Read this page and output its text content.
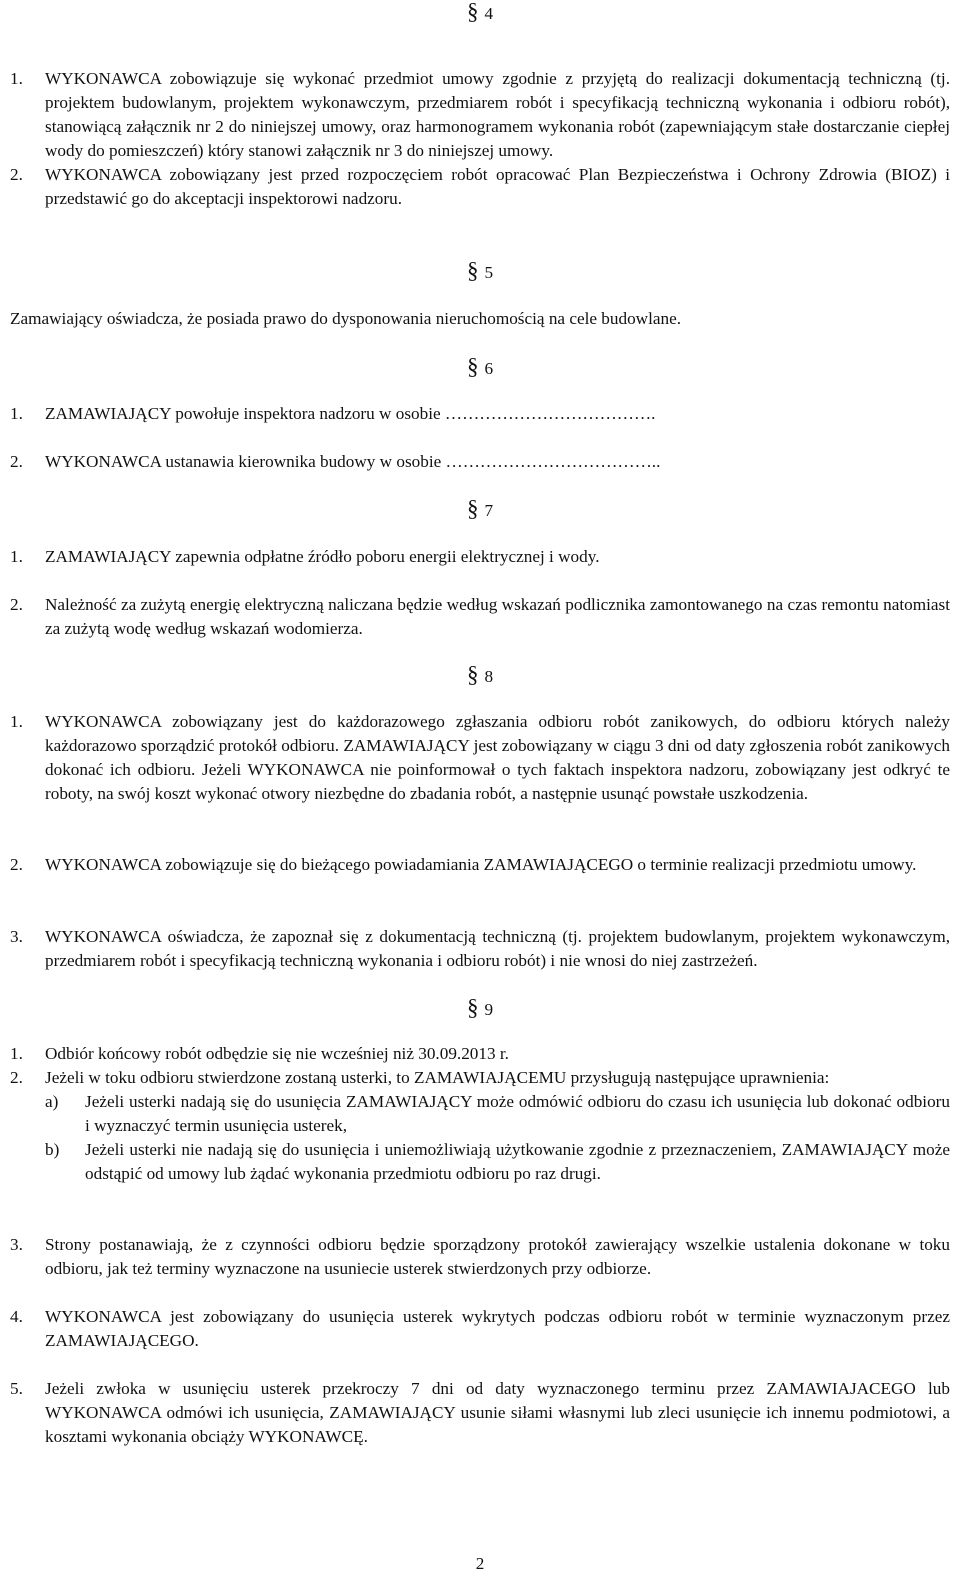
§ 4
1. WYKONAWCA zobowiązuje się wykonać przedmiot umowy zgodnie z przyjętą do realizacji dokumentacją techniczną (tj. projektem budowlanym, projektem wykonawczym, przedmiarem robót i specyfikacją techniczną wykonania i odbioru robót), stanowiącą załącznik nr 2 do niniejszej umowy, oraz harmonogramem wykonania robót (zapewniającym stałe dostarczanie ciepłej wody do pomieszczeń) który stanowi załącznik nr 3 do niniejszej umowy.
2. WYKONAWCA zobowiązany jest przed rozpoczęciem robót opracować Plan Bezpieczeństwa i Ochrony Zdrowia (BIOZ) i przedstawić go do akceptacji inspektorowi nadzoru.
§ 5
Zamawiający oświadcza, że posiada prawo do dysponowania nieruchomością na cele budowlane.
§ 6
1. ZAMAWIAJĄCY powołuje inspektora nadzoru w osobie ……………………………….
2. WYKONAWCA ustanawia kierownika budowy w osobie ………………………………..
§ 7
1. ZAMAWIAJĄCY zapewnia odpłatne źródło poboru energii elektrycznej i wody.
2. Należność za zużytą energię elektryczną naliczana będzie według wskazań podlicznika zamontowanego na czas remontu natomiast za zużytą wodę według wskazań wodomierza.
§ 8
1. WYKONAWCA zobowiązany jest do każdorazowego zgłaszania odbioru robót zanikowych, do odbioru których należy każdorazowo sporządzić protokół odbioru. ZAMAWIAJĄCY jest zobowiązany w ciągu 3 dni od daty zgłoszenia robót zanikowych dokonać ich odbioru. Jeżeli WYKONAWCA nie poinformował o tych faktach inspektora nadzoru, zobowiązany jest odkryć te roboty, na swój koszt wykonać otwory niezbędne do zbadania robót, a następnie usunąć powstałe uszkodzenia.
2. WYKONAWCA zobowiązuje się do bieżącego powiadamiania ZAMAWIAJĄCEGO o terminie realizacji przedmiotu umowy.
3. WYKONAWCA oświadcza, że zapoznał się z dokumentacją techniczną (tj. projektem budowlanym, projektem wykonawczym, przedmiarem robót i specyfikacją techniczną wykonania i odbioru robót) i nie wnosi do niej zastrzeżeń.
§ 9
1. Odbiór końcowy robót odbędzie się nie wcześniej niż 30.09.2013 r.
2. Jeżeli w toku odbioru stwierdzone zostaną usterki, to ZAMAWIAJĄCEMU przysługują następujące uprawnienia:
a) Jeżeli usterki nadają się do usunięcia ZAMAWIAJĄCY może odmówić odbioru do czasu ich usunięcia lub dokonać odbioru i wyznaczyć termin usunięcia usterek,
b) Jeżeli usterki nie nadają się do usunięcia i uniemożliwiają użytkowanie zgodnie z przeznaczeniem, ZAMAWIAJĄCY może odstąpić od umowy lub żądać wykonania przedmiotu odbioru po raz drugi.
3. Strony postanawiają, że z czynności odbioru będzie sporządzony protokół zawierający wszelkie ustalenia dokonane w toku odbioru, jak też terminy wyznaczone na usuniecie usterek stwierdzonych przy odbiorze.
4. WYKONAWCA jest zobowiązany do usunięcia usterek wykrytych podczas odbioru robót w terminie wyznaczonym przez ZAMAWIAJĄCEGO.
5. Jeżeli zwłoka w usunięciu usterek przekroczy 7 dni od daty wyznaczonego terminu przez ZAMAWIAJACEGO lub WYKONAWCA odmówi ich usunięcia, ZAMAWIAJĄCY usunie siłami własnymi lub zleci usunięcie ich innemu podmiotowi, a kosztami wykonania obciąży WYKONAWCĘ.
2
